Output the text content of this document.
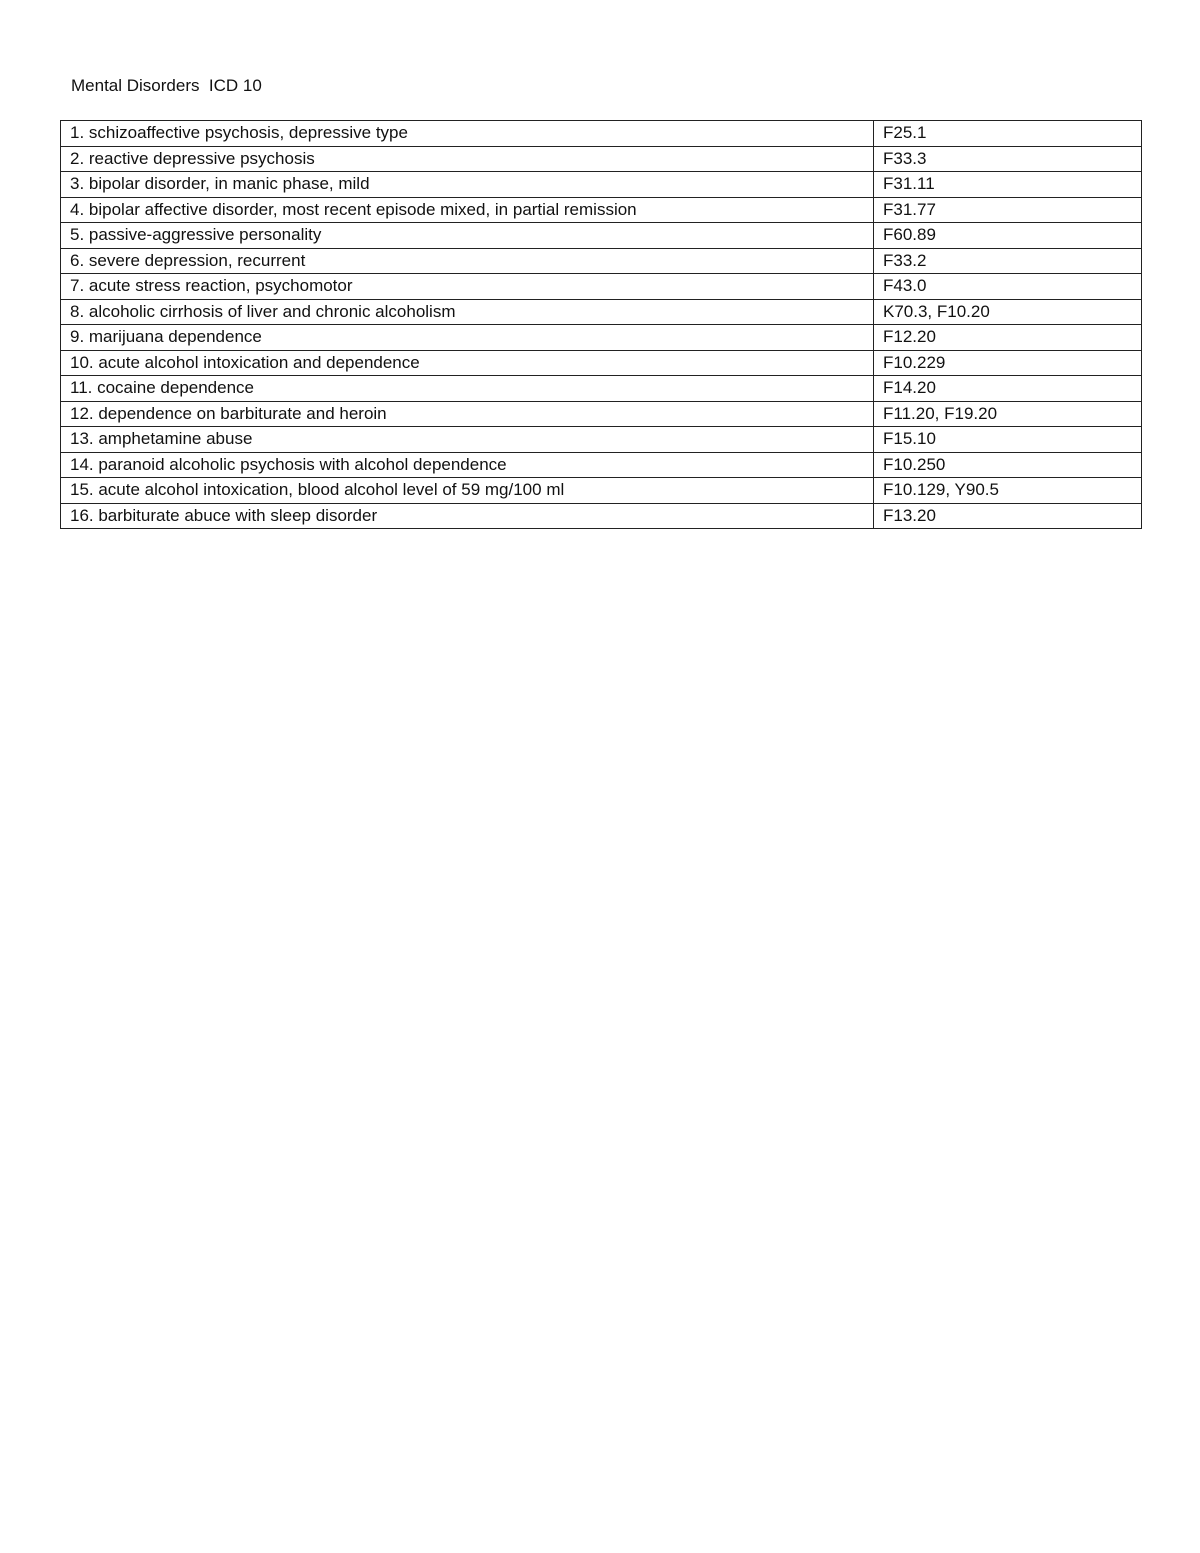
Mental Disorders  ICD 10
1. schizoaffective psychosis, depressive type	F25.1
2. reactive depressive psychosis	F33.3
3. bipolar disorder, in manic phase, mild	F31.11
4. bipolar affective disorder, most recent episode mixed, in partial remission	F31.77
5. passive-aggressive personality	F60.89
6. severe depression, recurrent	F33.2
7. acute stress reaction, psychomotor	F43.0
8. alcoholic cirrhosis of liver and chronic alcoholism	K70.3, F10.20
9. marijuana dependence	F12.20
10. acute alcohol intoxication and dependence	F10.229
11. cocaine dependence	F14.20
12. dependence on barbiturate and heroin	F11.20, F19.20
13. amphetamine abuse	F15.10
14. paranoid alcoholic psychosis with alcohol dependence	F10.250
15. acute alcohol intoxication, blood alcohol level of 59 mg/100 ml	F10.129, Y90.5
16. barbiturate abuce with sleep disorder	F13.20
